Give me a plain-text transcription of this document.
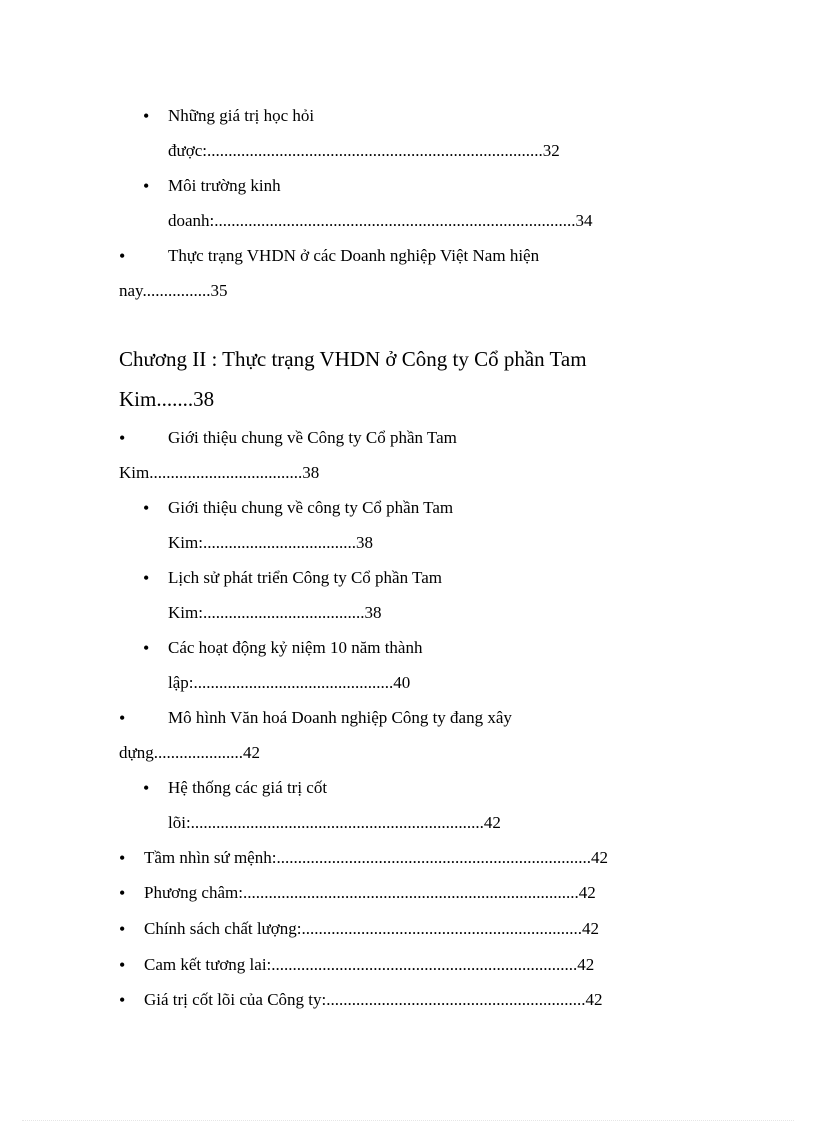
• Những giá trị học hỏi
được:...............................................................................32
• Môi trường kinh
doanh:.....................................................................................34
•	Thực trạng VHDN ở các Doanh nghiệp Việt Nam hiện
nay................35
Chương II : Thực trạng VHDN ở Công ty Cổ phần Tam
Kim.......38
•	Giới thiệu chung về Công ty Cổ phần Tam
Kim....................................38
• Giới thiệu chung về công ty Cổ phần Tam
Kim:....................................38
• Lịch sử phát triển Công ty Cổ phần Tam
Kim:......................................38
• Các hoạt động kỷ niệm 10 năm thành
lập:...............................................40
•	Mô hình Văn hoá Doanh nghiệp Công ty đang xây
dựng.....................42
• Hệ thống các giá trị cốt
lõi:.....................................................................42
• Tầm nhìn sứ mệnh:..........................................................................42
• Phương châm:...............................................................................42
• Chính sách chất lượng:..................................................................42
• Cam kết tương lai:........................................................................42
• Giá trị cốt lõi của Công ty:.............................................................42
